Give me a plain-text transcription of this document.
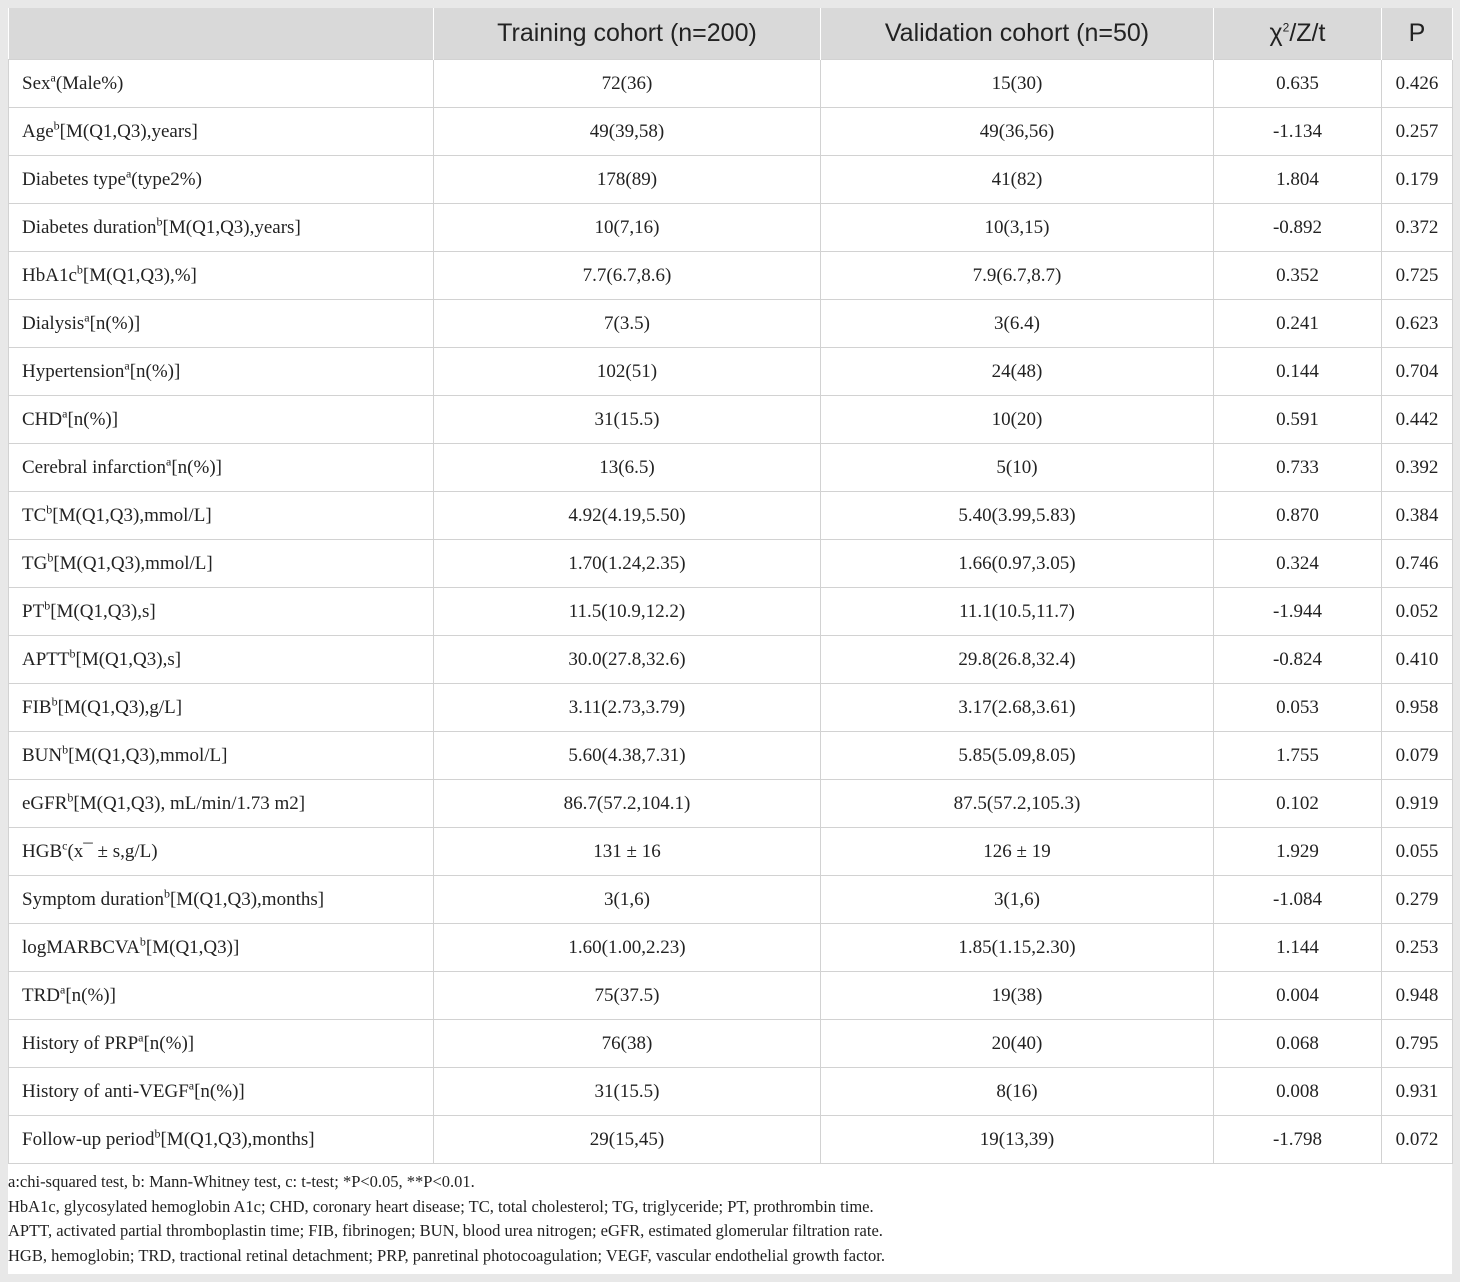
	Training cohort (n=200)	Validation cohort (n=50)	$\chi^2/Z/t$	P
Sex$^a$(Male%)	72(36)	15(30)	0.635	0.426
Age$^b$[M(Q1,Q3),years]	49(39,58)	49(36,56)	-1.134	0.257
Diabetes type$^a$(type2%)	178(89)	41(82)	1.804	0.179
Diabetes duration$^b$[M(Q1,Q3),years]	10(7,16)	10(3,15)	-0.892	0.372
$HbA1c^b[M(Q1,Q3),\%]$	7.7(6.7,8.6)	7.9(6.7,8.7)	0.352	0.725
Dialysis$^a$[n(%)]	7(3.5)	3(6.4)	0.241	0.623
Hypertension$^a$[n(%)]	102(51)	24(48)	0.144	0.704
CHD$^a$[n(%)]	31(15.5)	10(20)	0.591	0.442
Cerebral infarction$^a$[n(%)]	13(6.5)	5(10)	0.733	0.392
$TC^b[M(Q1,Q3),mmol/L]$	4.92(4.19,5.50)	5.40(3.99,5.83)	0.870	0.384
$TG^b[M(Q1,Q3),mmol/L]$	1.70(1.24,2.35)	1.66(0.97,3.05)	0.324	0.746
$PT^b[M(Q1,Q3),s]$	11.5(10.9,12.2)	11.1(10.5,11.7)	-1.944	0.052
APTT$^b$[M(Q1,Q3),s]	30.0(27.8,32.6)	29.8(26.8,32.4)	-0.824	0.410
FIB$^b$[M(Q1,Q3),g/L]	3.11(2.73,3.79)	3.17(2.68,3.61)	0.053	0.958
BUN$^b$[M(Q1,Q3),mmol/L]	5.60(4.38,7.31)	5.85(5.09,8.05)	1.755	0.079
eGFR$^b$[M(Q1,Q3), mL/min/1.73 m2]	86.7(57.2,104.1)	87.5(57.2,105.3)	0.102	0.919
$HGB^c(x¯ \pm s,g/L)$	131 ± 16	126 ± 19	1.929	0.055
Symptom duration$^b$[M(Q1,Q3),months]	3(1,6)	3(1,6)	-1.084	0.279
logMARBCVA$^b$[M(Q1,Q3)]	1.60(1.00,2.23)	1.85(1.15,2.30)	1.144	0.253
TRD$^a$[n(%)]	75(37.5)	19(38)	0.004	0.948
History of PRP$^a$[n(%)]	76(38)	20(40)	0.068	0.795
History of anti-VEGF$^a$[n(%)]	31(15.5)	8(16)	0.008	0.931
Follow-up period$^b$[M(Q1,Q3),months]	29(15,45)	19(13,39)	-1.798	0.072
a:chi-squared test, b: Mann-Whitney test, c: t-test; *P<0.05, **P<0.01.
HbA1c, glycosylated hemoglobin A1c; CHD, coronary heart disease; TC, total cholesterol; TG, triglyceride; PT, prothrombin time.
APTT, activated partial thromboplastin time; FIB, fibrinogen; BUN, blood urea nitrogen; eGFR, estimated glomerular filtration rate.
HGB, hemoglobin; TRD, tractional retinal detachment; PRP, panretinal photocoagulation; VEGF, vascular endothelial growth factor.
